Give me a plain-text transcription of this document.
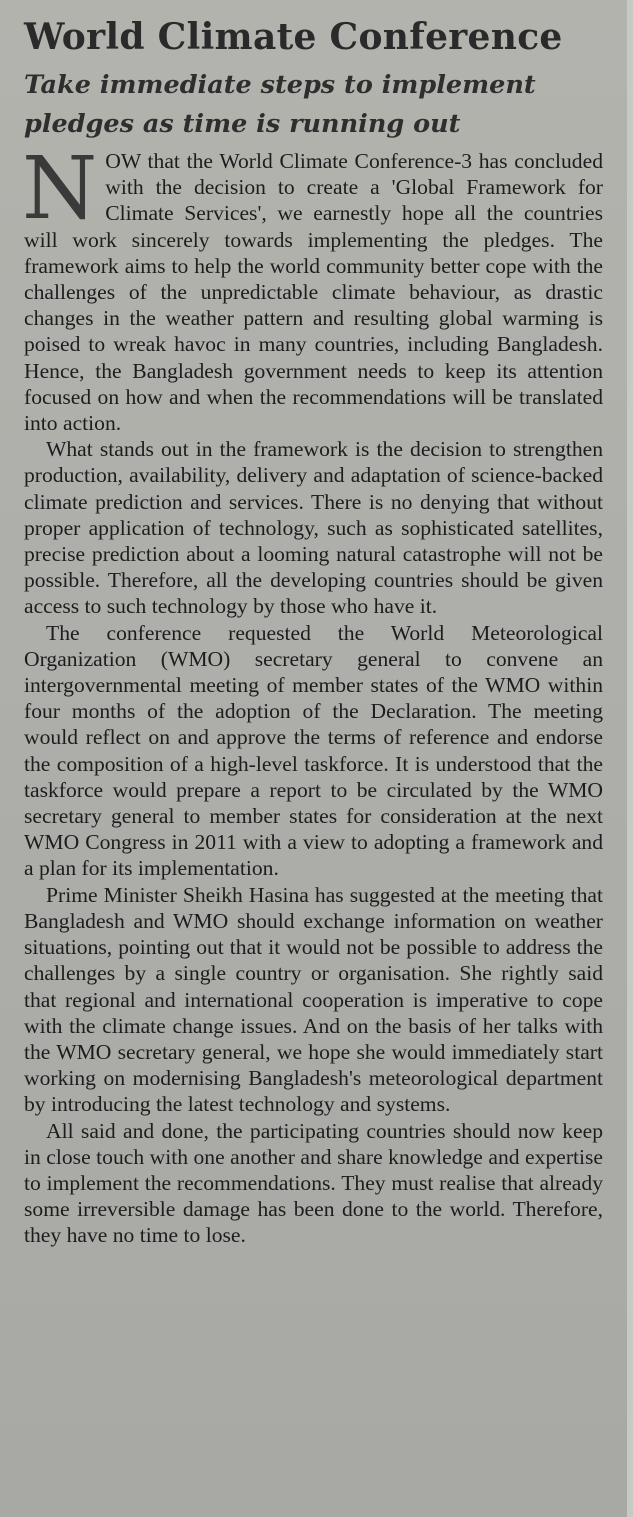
World Climate Conference
Take immediate steps to implement pledges as time is running out

NOW that the World Climate Conference-3 has concluded with the decision to create a 'Global Framework for Climate Services', we earnestly hope all the countries will work sincerely towards implementing the pledges. The framework aims to help the world community better cope with the challenges of the unpredictable climate behaviour, as drastic changes in the weather pattern and resulting global warming is poised to wreak havoc in many countries, including Bangladesh. Hence, the Bangladesh government needs to keep its attention focused on how and when the recommendations will be translated into action.

What stands out in the framework is the decision to strengthen production, availability, delivery and adaptation of science-backed climate prediction and services. There is no denying that without proper application of technology, such as sophisticated satellites, precise prediction about a looming natural catastrophe will not be possible. Therefore, all the developing countries should be given access to such technology by those who have it.

The conference requested the World Meteorological Organization (WMO) secretary general to convene an intergovernmental meeting of member states of the WMO within four months of the adoption of the Declaration. The meeting would reflect on and approve the terms of reference and endorse the composition of a high-level taskforce. It is understood that the taskforce would prepare a report to be circulated by the WMO secretary general to member states for consideration at the next WMO Congress in 2011 with a view to adopting a framework and a plan for its implementation.

Prime Minister Sheikh Hasina has suggested at the meeting that Bangladesh and WMO should exchange information on weather situations, pointing out that it would not be possible to address the challenges by a single country or organisation. She rightly said that regional and international cooperation is imperative to cope with the climate change issues. And on the basis of her talks with the WMO secretary general, we hope she would immediately start working on modernising Bangladesh's meteorological department by introducing the latest technology and systems.

All said and done, the participating countries should now keep in close touch with one another and share knowledge and expertise to implement the recommendations. They must realise that already some irreversible damage has been done to the world. Therefore, they have no time to lose.
